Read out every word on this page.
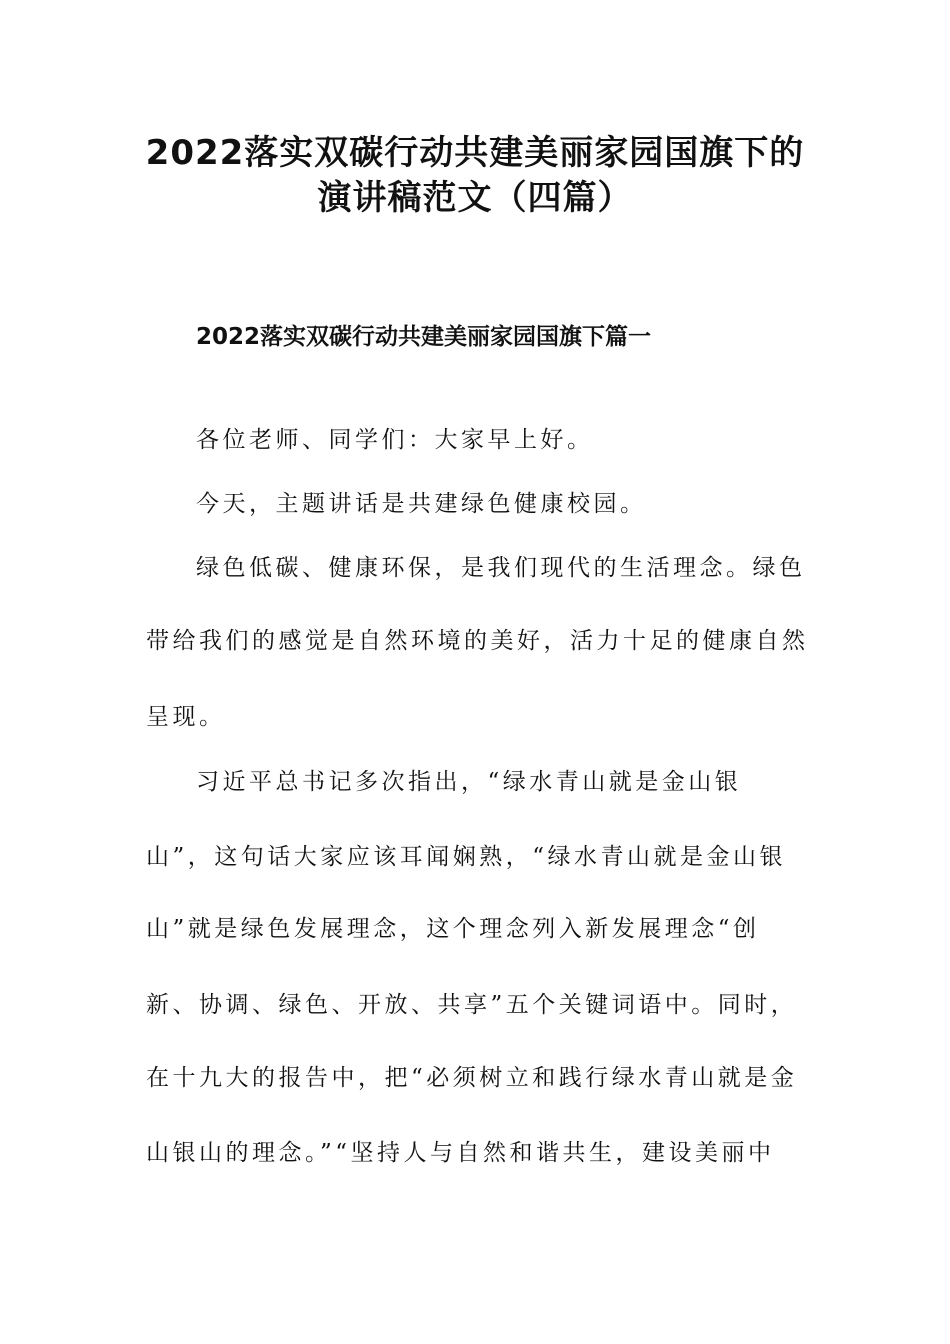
2022落实双碳行动共建美丽家园国旗下的
演讲稿范文（四篇）
2022落实双碳行动共建美丽家园国旗下篇一
各位老师、同学们：大家早上好。
今天，主题讲话是共建绿色健康校园。
绿色低碳、健康环保，是我们现代的生活理念。绿色
带给我们的感觉是自然环境的美好，活力十足的健康自然
呈现。
习近平总书记多次指出，“绿水青山就是金山银
山”，这句话大家应该耳闻娴熟，“绿水青山就是金山银
山”就是绿色发展理念，这个理念列入新发展理念“创
新、协调、绿色、开放、共享”五个关键词语中。同时，
在十九大的报告中，把“必须树立和践行绿水青山就是金
山银山的理念。”“坚持人与自然和谐共生，建设美丽中
